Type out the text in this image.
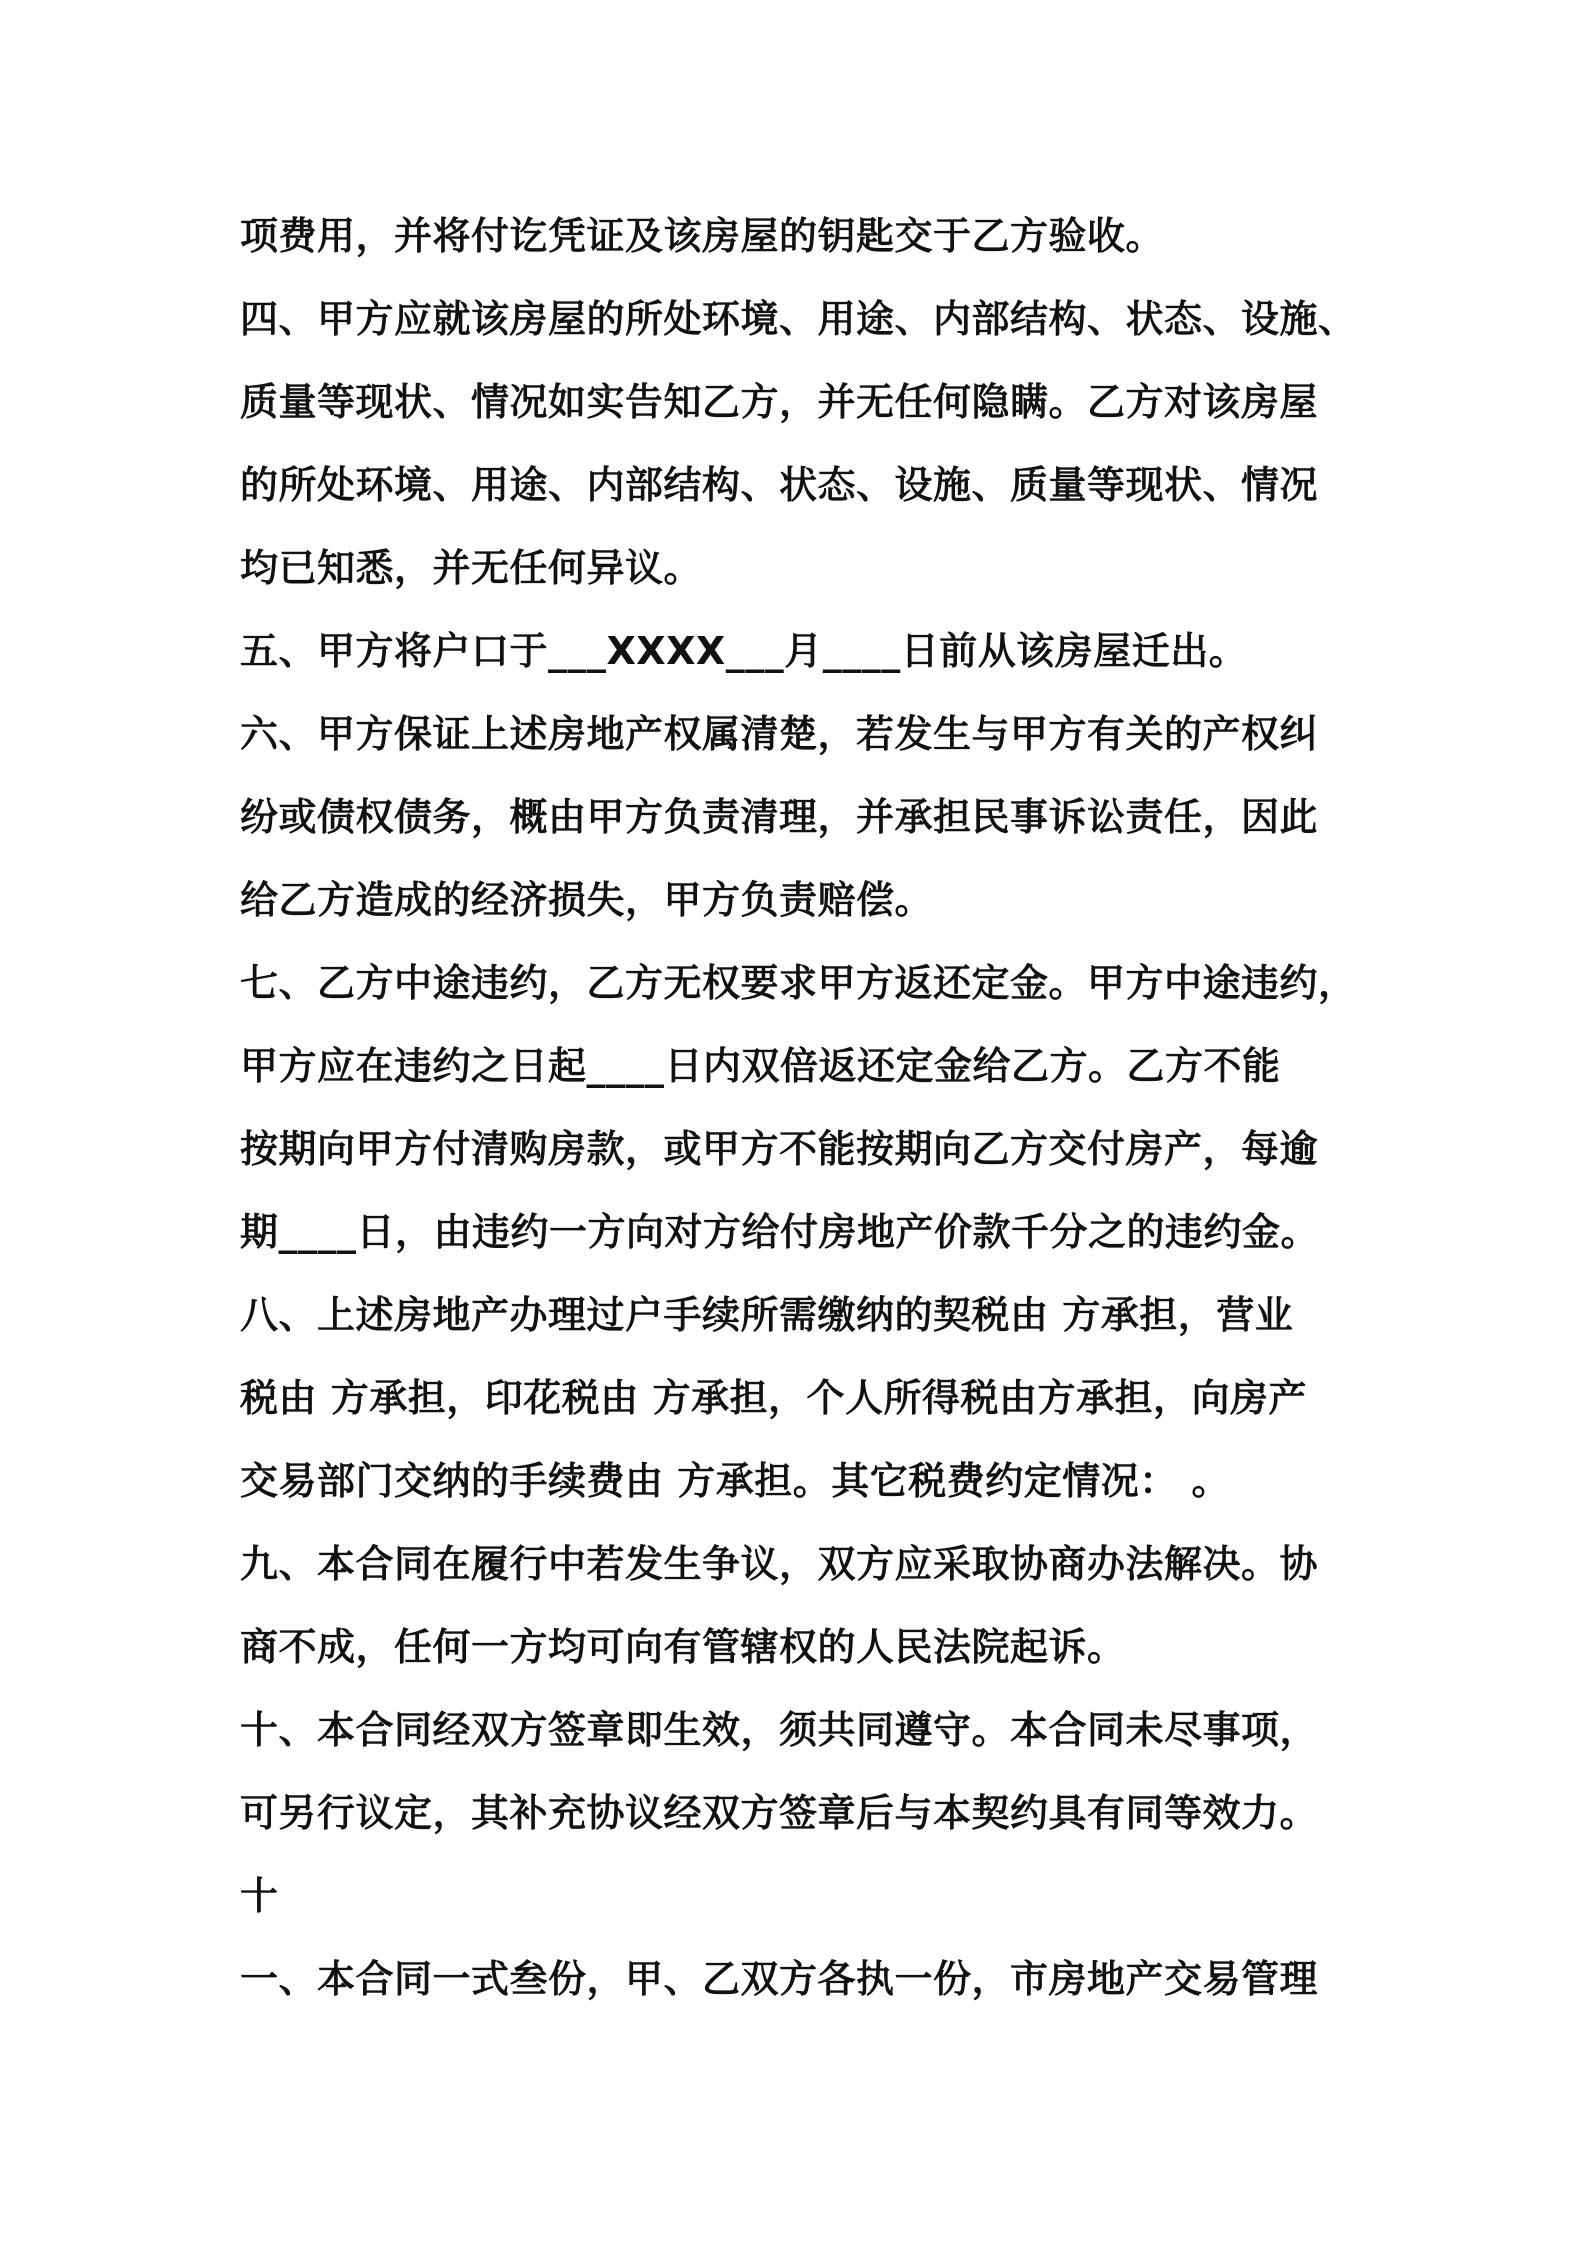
项费用，并将付讫凭证及该房屋的钥匙交于乙方验收。
四、甲方应就该房屋的所处环境、用途、内部结构、状态、设施、
质量等现状、情况如实告知乙方，并无任何隐瞒。乙方对该房屋
的所处环境、用途、内部结构、状态、设施、质量等现状、情况
均已知悉，并无任何异议。
五、甲方将户口于___XXXX___月____日前从该房屋迁出。
六、甲方保证上述房地产权属清楚，若发生与甲方有关的产权纠
纷或债权债务，概由甲方负责清理，并承担民事诉讼责任，因此
给乙方造成的经济损失，甲方负责赔偿。
七、乙方中途违约，乙方无权要求甲方返还定金。甲方中途违约，
甲方应在违约之日起____日内双倍返还定金给乙方。乙方不能
按期向甲方付清购房款，或甲方不能按期向乙方交付房产，每逾
期____日，由违约一方向对方给付房地产价款千分之的违约金。
八、上述房地产办理过户手续所需缴纳的契税由 方承担，营业
税由 方承担，印花税由 方承担，个人所得税由方承担，向房产
交易部门交纳的手续费由 方承担。其它税费约定情况： 。
九、本合同在履行中若发生争议，双方应采取协商办法解决。协
商不成，任何一方均可向有管辖权的人民法院起诉。
十、本合同经双方签章即生效，须共同遵守。本合同未尽事项，
可另行议定，其补充协议经双方签章后与本契约具有同等效力。
十
一、本合同一式叁份，甲、乙双方各执一份，市房地产交易管理
